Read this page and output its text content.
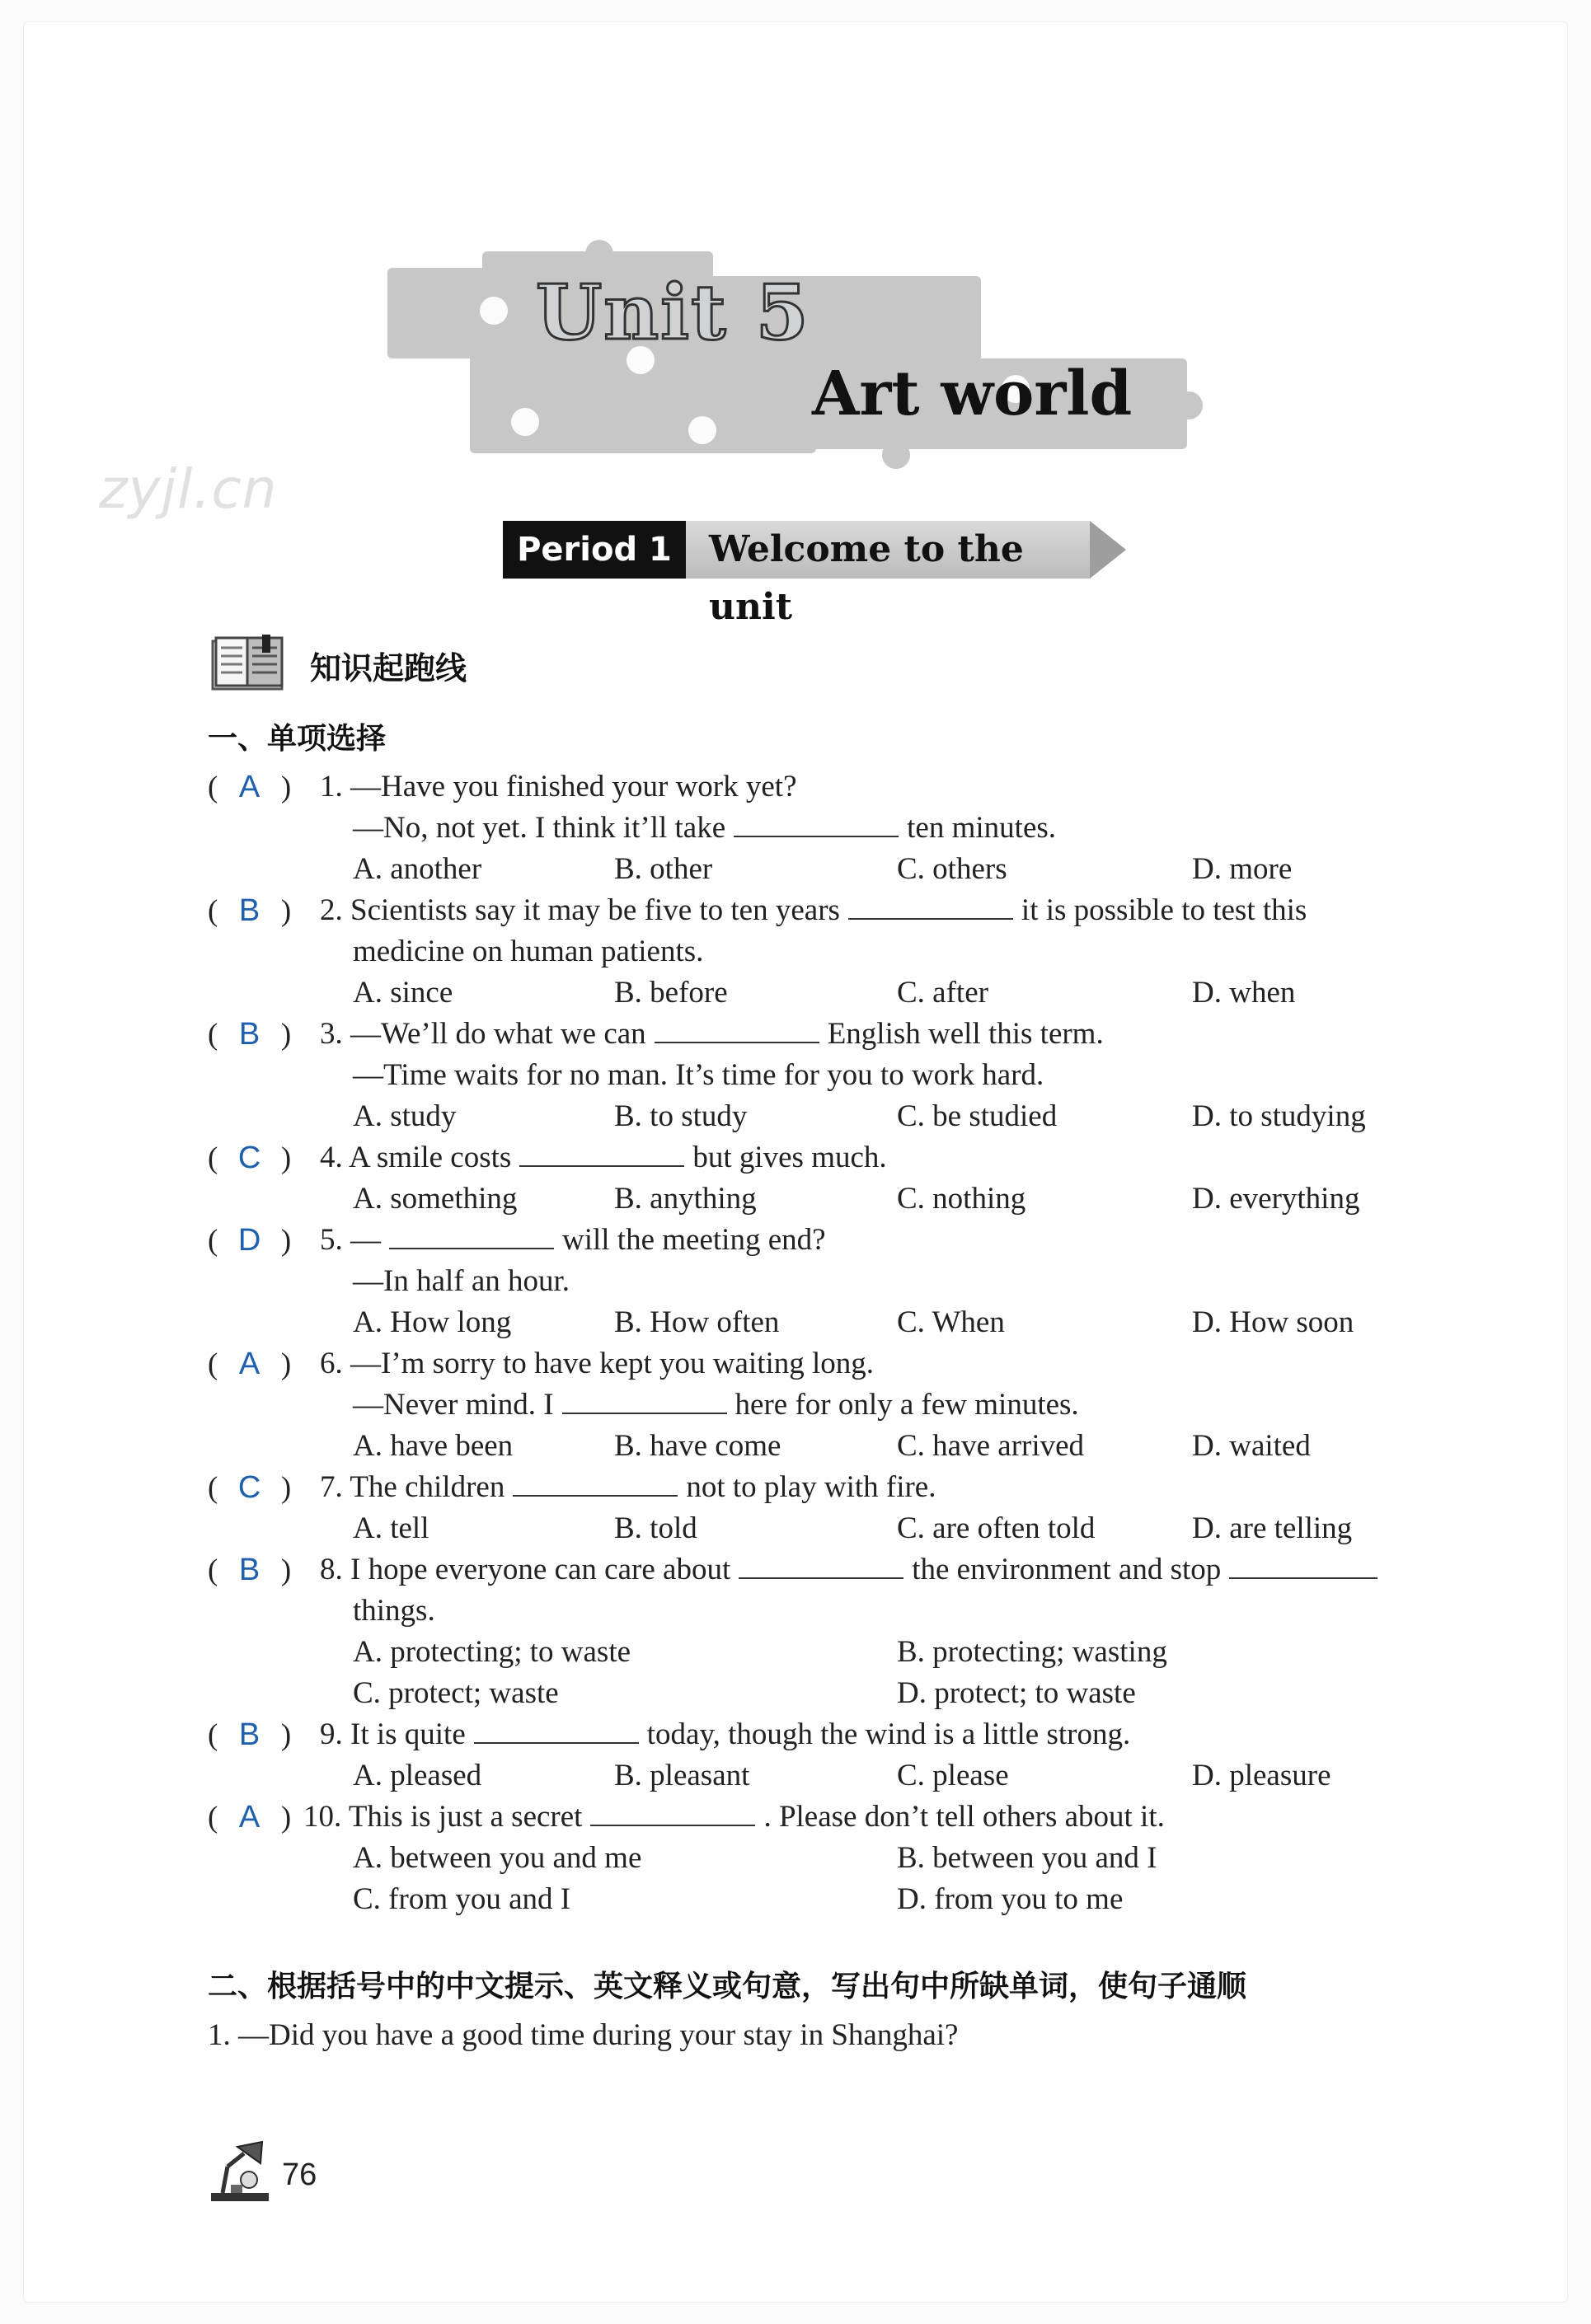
Unit 5
Art world
zyjl.cn
Period 1	Welcome to the unit
知识起跑线
一、单项选择
( A ) 1. —Have you finished your work yet?
—No, not yet. I think it’ll take	ten minutes.
A. another	B. other	C. others	D. more
( B ) 2. Scientists say it may be five to ten years	it is possible to test this
medicine on human patients.
A. since	B. before	C. after	D. when
( B ) 3. —We’ll do what we can	English well this term.
—Time waits for no man. It’s time for you to work hard.
A. study	B. to study	C. be studied	D. to studying
( C ) 4. A smile costs	but gives much.
A. something	B. anything	C. nothing	D. everything
( D ) 5. —	will the meeting end?
—In half an hour.
A. How long	B. How often	C. When	D. How soon
( A ) 6. —I’m sorry to have kept you waiting long.
—Never mind. I	here for only a few minutes.
A. have been	B. have come	C. have arrived	D. waited
( C ) 7. The children	not to play with fire.
A. tell	B. told	C. are often told	D. are telling
( B ) 8. I hope everyone can care about	the environment and stop
things.
A. protecting; to waste	B. protecting; wasting
C. protect; waste	D. protect; to waste
( B ) 9. It is quite	today, though the wind is a little strong.
A. pleased	B. pleasant	C. please	D. pleasure
( A ) 10. This is just a secret	. Please don’t tell others about it.
A. between you and me	B. between you and I
C. from you and I	D. from you to me
二、根据括号中的中文提示、英文释义或句意，写出句中所缺单词，使句子通顺
1. —Did you have a good time during your stay in Shanghai?
76
